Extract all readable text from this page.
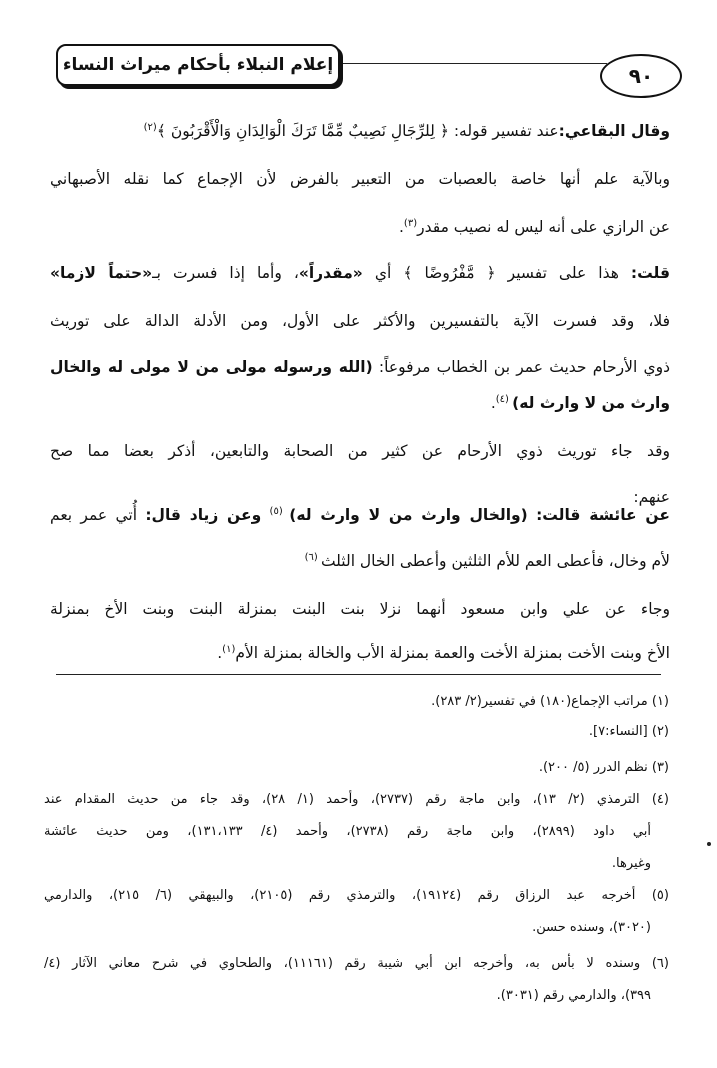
إعلام النبلاء بأحكام ميراث النساء	٩٠
وقال البقاعي:عند تفسير قوله: ﴿ لِلرِّجَالِ نَصِيبٌ مِّمَّا تَرَكَ الْوَالِدَانِ وَالْأَقْرَبُونَ ﴾$^{(٢)}$
وبالآية علم أنها خاصة بالعصبات من التعبير بالفرض لأن الإجماع كما نقله الأصبهاني
عن الرازي على أنه ليس له نصيب مقدر$^{(٣)}$.
قلت: هذا على تفسير ﴿ مَّفْرُوضًا ﴾ أي «مقدراً»، وأما إذا فسرت بـ«حتماً لازما»
فلا، وقد فسرت الآية بالتفسيرين والأكثر على الأول، ومن الأدلة الدالة على توريث
ذوي الأرحام حديث عمر بن الخطاب مرفوعاً: (الله ورسوله مولى من لا مولى له والخال
وارث من لا وارث له) $^{(٤)}$.
وقد جاء توريث ذوي الأرحام عن كثير من الصحابة والتابعين، أذكر بعضا مما صح
عنهم:
عن عائشة قالت: (والخال وارث من لا وارث له) $^{(٥)}$ وعن زياد قال: أُتي عمر بعم
لأم وخال، فأعطى العم للأم الثلثين وأعطى الخال الثلث $^{(٦)}$
وجاء عن علي وابن مسعود أنهما نزلا بنت البنت بمنزلة البنت وبنت الأخ بمنزلة
الأخ وبنت الأخت بمنزلة الأخت والعمة بمنزلة الأب والخالة بمنزلة الأم$^{(١)}$.
(١) مراتب الإجماع(١٨٠) في تفسير(٢/ ٢٨٣).
(٢) [النساء:٧].
(٣) نظم الدرر (٥/ ٢٠٠).
(٤) الترمذي (٢/ ١٣)، وابن ماجة رقم (٢٧٣٧)، وأحمد (١/ ٢٨)، وقد جاء من حديث المقدام عند
أبي داود (٢٨٩٩)، وابن ماجة رقم (٢٧٣٨)، وأحمد (٤/ ١٣١،١٣٣)، ومن حديث عائشة
وغيرها.
(٥) أخرجه عبد الرزاق رقم (١٩١٢٤)، والترمذي رقم (٢١٠٥)، والبيهقي (٦/ ٢١٥)، والدارمي
(٣٠٢٠)، وسنده حسن.
(٦) وسنده لا بأس به، وأخرجه ابن أبي شيبة رقم (١١١٦١)، والطحاوي في شرح معاني الآثار (٤/
٣٩٩)، والدارمي رقم (٣٠٣١).
